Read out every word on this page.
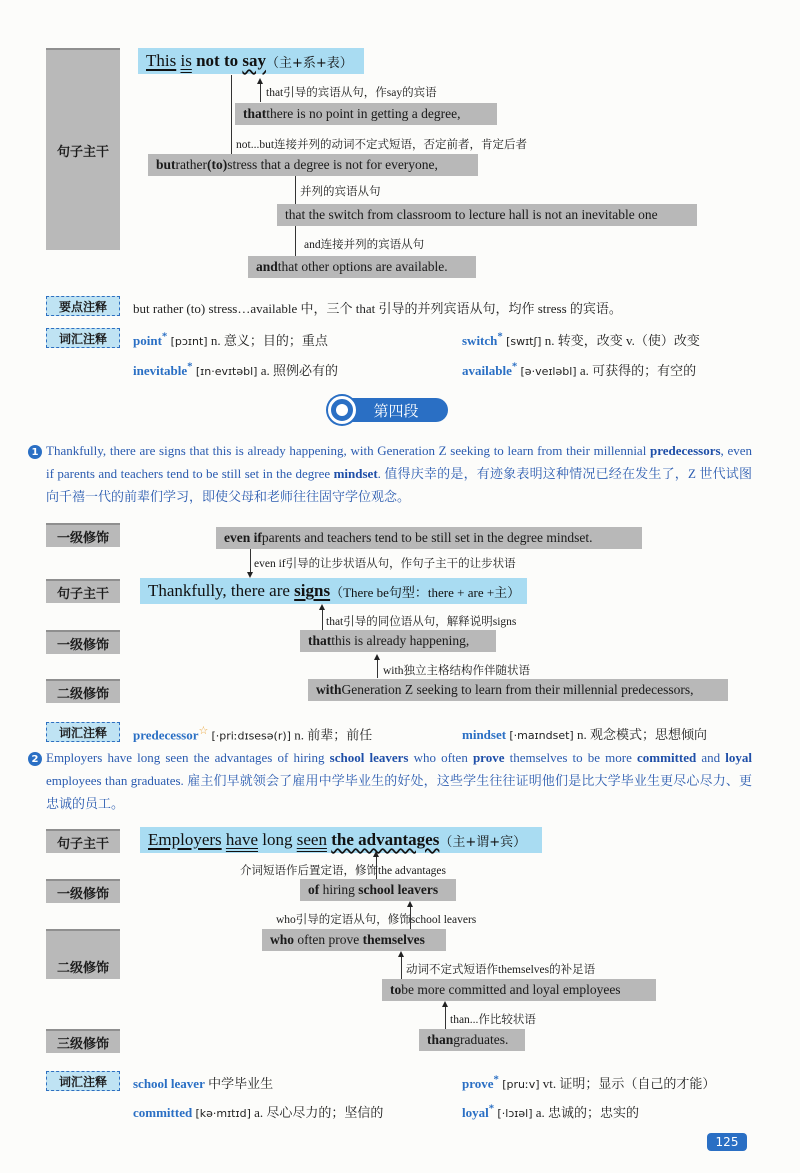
句子主干
This
is
not to
say （主+系+表）
that引导的宾语从句，作say的宾语
that there is no point in getting a degree,
not...but连接并列的动词不定式短语，否定前者，肯定后者
but rather (to) stress that a degree is not for everyone,
并列的宾语从句
that the switch from classroom to lecture hall is not an inevitable one
and连接并列的宾语从句
and that other options are available.
要点注释 but rather (to) stress…available 中，三个 that 引导的并列宾语从句，均作 stress 的宾语。
词汇注释 point* [pɔɪnt] n. 意义；目的；重点	switch* [swɪtʃ] n. 转变，改变 v.（使）改变
inevitable* [ɪn·evɪtəbl] a. 照例必有的	available* [ə·veɪləbl] a. 可获得的；有空的
第四段
1 Thankfully, there are signs that this is already happening, with Generation Z seeking to learn from their millennial predecessors, even if parents and teachers tend to be still set in the degree mindset. 值得庆幸的是，有迹象表明这种情况已经在发生了，Z 世代试图向千禧一代的前辈们学习，即使父母和老师往往固守学位观念。
一级修饰	even if parents and teachers tend to be still set in the degree mindset.
even if引导的让步状语从句，作句子主干的让步状语
句子主干 Thankfully, there are signs （There be句型：there + are +主）
that引导的同位语从句，解释说明signs
一级修饰	that this is already happening,
with独立主格结构作伴随状语
二级修饰	with Generation Z seeking to learn from their millennial predecessors,
词汇注释 predecessor☆ [·priːdɪsesə(r)] n. 前辈；前任	mindset [·maɪndset] n. 观念模式；思想倾向
2 Employers have long seen the advantages of hiring school leavers who often prove themselves to be more committed and loyal employees than graduates. 雇主们早就领会了雇用中学毕业生的好处，这些学生往往证明他们是比大学毕业生更尽心尽力、更忠诚的员工。
句子主干 Employers
have
long
seen
the advantages （主+谓+宾）
介词短语作后置定语，修饰the advantages
一级修饰	of hiring school leavers
who引导的定语从句，修饰school leavers
二级修饰
who often prove themselves
动词不定式短语作themselves的补足语
to be more committed and loyal employees
than...作比较状语
三级修饰	than graduates.
词汇注释 school leaver 中学毕业生	prove* [pruːv] vt. 证明；显示（自己的才能）
committed [kə·mɪtɪd] a. 尽心尽力的；坚信的	loyal* [·lɔɪəl] a. 忠诚的；忠实的
125
